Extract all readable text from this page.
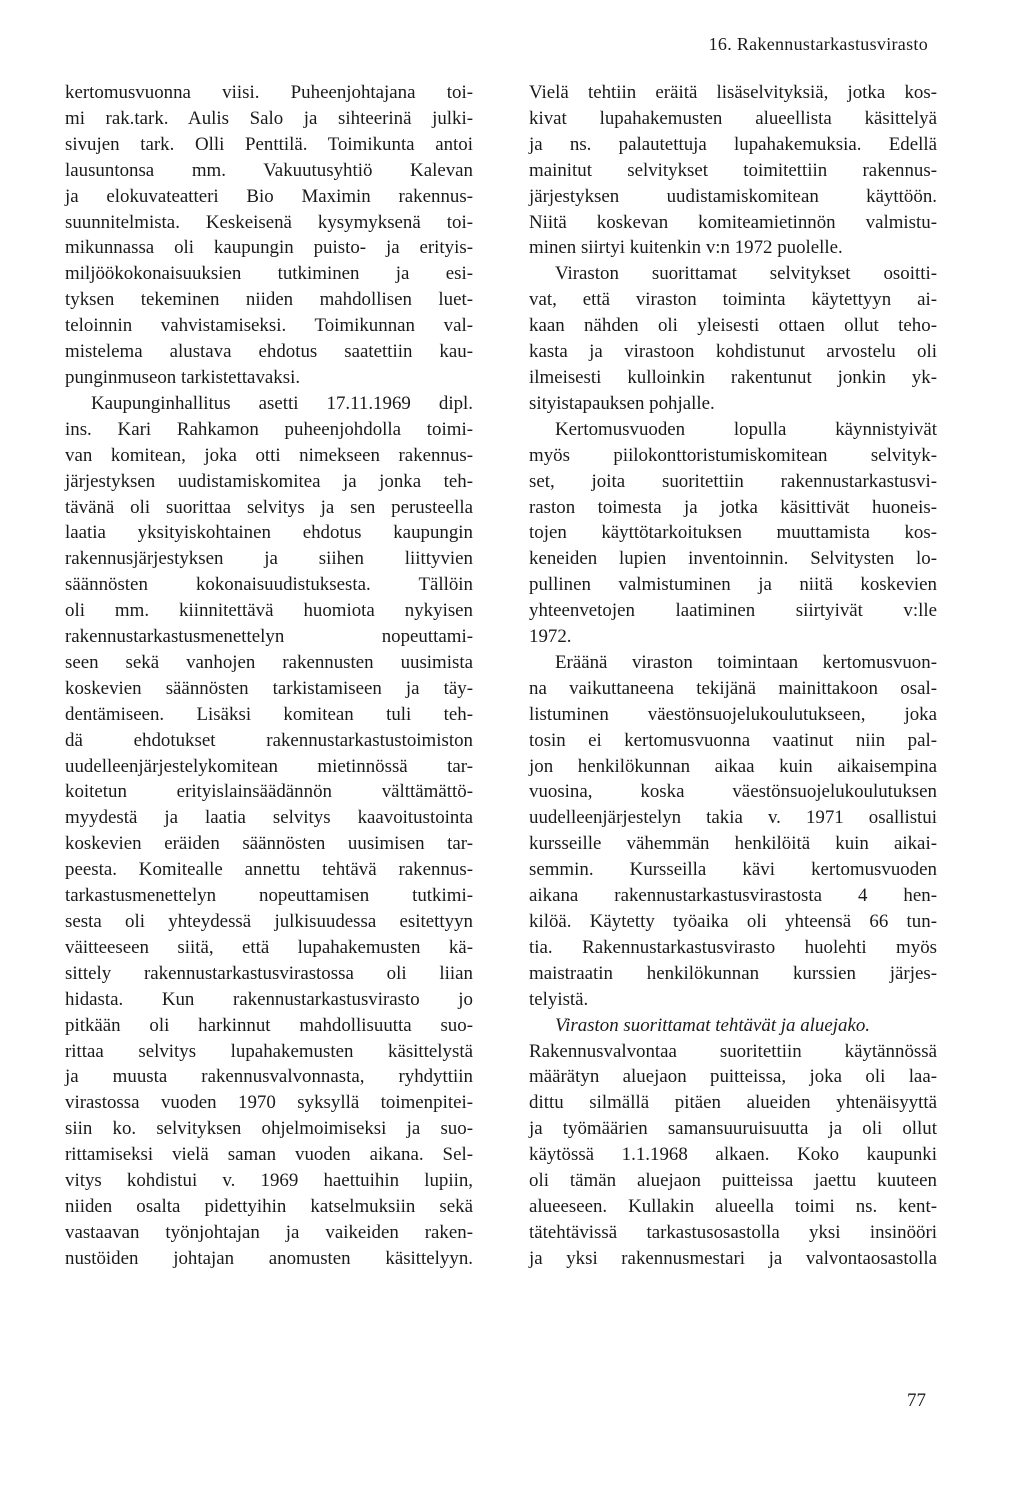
16. Rakennustarkastusvirasto
kertomusvuonna viisi. Puheenjohtajana toi-
mi rak.tark. Aulis Salo ja sihteerinä julki-
sivujen tark. Olli Penttilä. Toimikunta antoi
lausuntonsa mm. Vakuutusyhtiö Kalevan
ja elokuvateatteri Bio Maximin rakennus-
suunnitelmista. Keskeisenä kysymyksenä toi-
mikunnassa oli kaupungin puisto- ja erityis-
miljöökokonaisuuksien tutkiminen ja esi-
tyksen tekeminen niiden mahdollisen luet-
teloinnin vahvistamiseksi. Toimikunnan val-
mistelema alustava ehdotus saatettiin kau-
punginmuseon tarkistettavaksi.
Kaupunginhallitus asetti 17.11.1969 dipl.
ins. Kari Rahkamon puheenjohdolla toimi-
van komitean, joka otti nimekseen rakennus-
järjestyksen uudistamiskomitea ja jonka teh-
tävänä oli suorittaa selvitys ja sen perusteella
laatia yksityiskohtainen ehdotus kaupungin
rakennusjärjestyksen ja siihen liittyvien
säännösten kokonaisuudistuksesta. Tällöin
oli mm. kiinnitettävä huomiota nykyisen
rakennustarkastusmenettelyn nopeuttami-
seen sekä vanhojen rakennusten uusimista
koskevien säännösten tarkistamiseen ja täy-
dentämiseen. Lisäksi komitean tuli teh-
dä ehdotukset rakennustarkastustoimiston
uudelleenjärjestelykomitean mietinnössä tar-
koitetun erityislainsäädännön välttämättö-
myydestä ja laatia selvitys kaavoitustointa
koskevien eräiden säännösten uusimisen tar-
peesta. Komitealle annettu tehtävä rakennus-
tarkastusmenettelyn nopeuttamisen tutkimi-
sesta oli yhteydessä julkisuudessa esitettyyn
väitteeseen siitä, että lupahakemusten kä-
sittely rakennustarkastusvirastossa oli liian
hidasta. Kun rakennustarkastusvirasto jo
pitkään oli harkinnut mahdollisuutta suo-
rittaa selvitys lupahakemusten käsittelystä
ja muusta rakennusvalvonnasta, ryhdyttiin
virastossa vuoden 1970 syksyllä toimenpitei-
siin ko. selvityksen ohjelmoimiseksi ja suo-
rittamiseksi vielä saman vuoden aikana. Sel-
vitys kohdistui v. 1969 haettuihin lupiin,
niiden osalta pidettyihin katselmuksiin sekä
vastaavan työnjohtajan ja vaikeiden raken-
nustöiden johtajan anomusten käsittelyyn.
Vielä tehtiin eräitä lisäselvityksiä, jotka kos-
kivat lupahakemusten alueellista käsittelyä
ja ns. palautettuja lupahakemuksia. Edellä
mainitut selvitykset toimitettiin rakennus-
järjestyksen uudistamiskomitean käyttöön.
Niitä koskevan komiteamietinnön valmistu-
minen siirtyi kuitenkin v:n 1972 puolelle.
Viraston suorittamat selvitykset osoitti-
vat, että viraston toiminta käytettyyn ai-
kaan nähden oli yleisesti ottaen ollut teho-
kasta ja virastoon kohdistunut arvostelu oli
ilmeisesti kulloinkin rakentunut jonkin yk-
sityistapauksen pohjalle.
Kertomusvuoden lopulla käynnistyivät
myös piilokonttoristumiskomitean selvityk-
set, joita suoritettiin rakennustarkastusvi-
raston toimesta ja jotka käsittivät huoneis-
tojen käyttötarkoituksen muuttamista kos-
keneiden lupien inventoinnin. Selvitysten lo-
pullinen valmistuminen ja niitä koskevien
yhteenvetojen laatiminen siirtyivät v:lle
1972.
Eräänä viraston toimintaan kertomusvuon-
na vaikuttaneena tekijänä mainittakoon osal-
listuminen väestönsuojelukoulutukseen, joka
tosin ei kertomusvuonna vaatinut niin pal-
jon henkilökunnan aikaa kuin aikaisempina
vuosina, koska väestönsuojelukoulutuksen
uudelleenjärjestelyn takia v. 1971 osallistui
kursseille vähemmän henkilöitä kuin aikai-
semmin. Kursseilla kävi kertomusvuoden
aikana rakennustarkastusvirastosta 4 hen-
kilöä. Käytetty työaika oli yhteensä 66 tun-
tia. Rakennustarkastusvirasto huolehti myös
maistraatin henkilökunnan kurssien järjes-
telyistä.
Viraston suorittamat tehtävät ja aluejako.
Rakennusvalvontaa suoritettiin käytännössä
määrätyn aluejaon puitteissa, joka oli laa-
dittu silmällä pitäen alueiden yhtenäisyyttä
ja työmäärien samansuuruisuutta ja oli ollut
käytössä 1.1.1968 alkaen. Koko kaupunki
oli tämän aluejaon puitteissa jaettu kuuteen
alueeseen. Kullakin alueella toimi ns. kent-
tätehtävissä tarkastusosastolla yksi insinööri
ja yksi rakennusmestari ja valvontaosastolla
77
